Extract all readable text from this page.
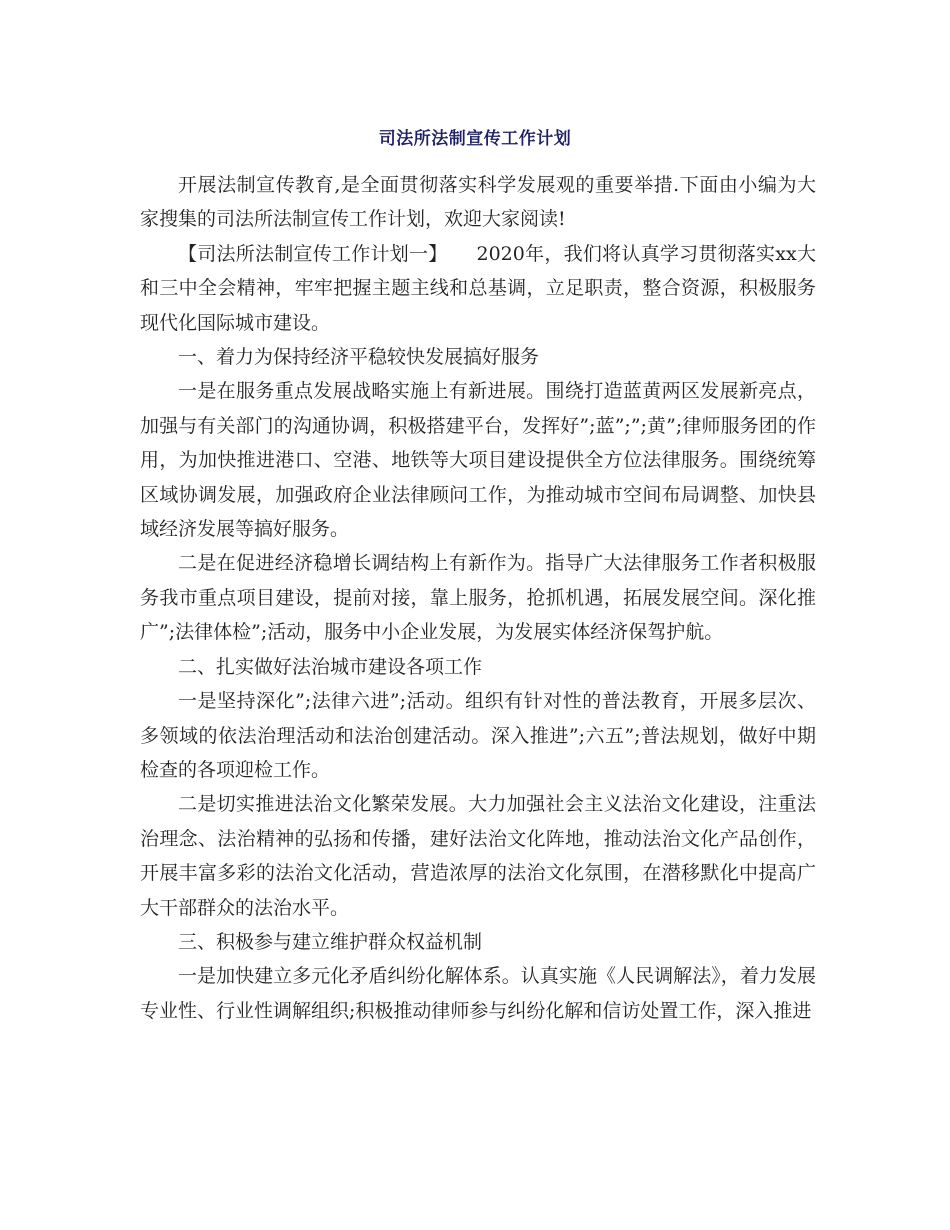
司法所法制宣传工作计划

开展法制宣传教育,是全面贯彻落实科学发展观的重要举措.下面由小编为大家搜集的司法所法制宣传工作计划，欢迎大家阅读!

【司法所法制宣传工作计划一】　　2020年，我们将认真学习贯彻落实xx大和三中全会精神，牢牢把握主题主线和总基调，立足职责，整合资源，积极服务现代化国际城市建设。

一、着力为保持经济平稳较快发展搞好服务

一是在服务重点发展战略实施上有新进展。围绕打造蓝黄两区发展新亮点，加强与有关部门的沟通协调，积极搭建平台，发挥好”;蓝”;”;黄”;律师服务团的作用，为加快推进港口、空港、地铁等大项目建设提供全方位法律服务。围绕统筹区域协调发展，加强政府企业法律顾问工作，为推动城市空间布局调整、加快县域经济发展等搞好服务。

二是在促进经济稳增长调结构上有新作为。指导广大法律服务工作者积极服务我市重点项目建设，提前对接，靠上服务，抢抓机遇，拓展发展空间。深化推广”;法律体检”;活动，服务中小企业发展，为发展实体经济保驾护航。

二、扎实做好法治城市建设各项工作

一是坚持深化”;法律六进”;活动。组织有针对性的普法教育，开展多层次、多领域的依法治理活动和法治创建活动。深入推进”;六五”;普法规划，做好中期检查的各项迎检工作。

二是切实推进法治文化繁荣发展。大力加强社会主义法治文化建设，注重法治理念、法治精神的弘扬和传播，建好法治文化阵地，推动法治文化产品创作，开展丰富多彩的法治文化活动，营造浓厚的法治文化氛围，在潜移默化中提高广大干部群众的法治水平。

三、积极参与建立维护群众权益机制

一是加快建立多元化矛盾纠纷化解体系。认真实施《人民调解法》，着力发展专业性、行业性调解组织;积极推动律师参与纠纷化解和信访处置工作，深入推进
